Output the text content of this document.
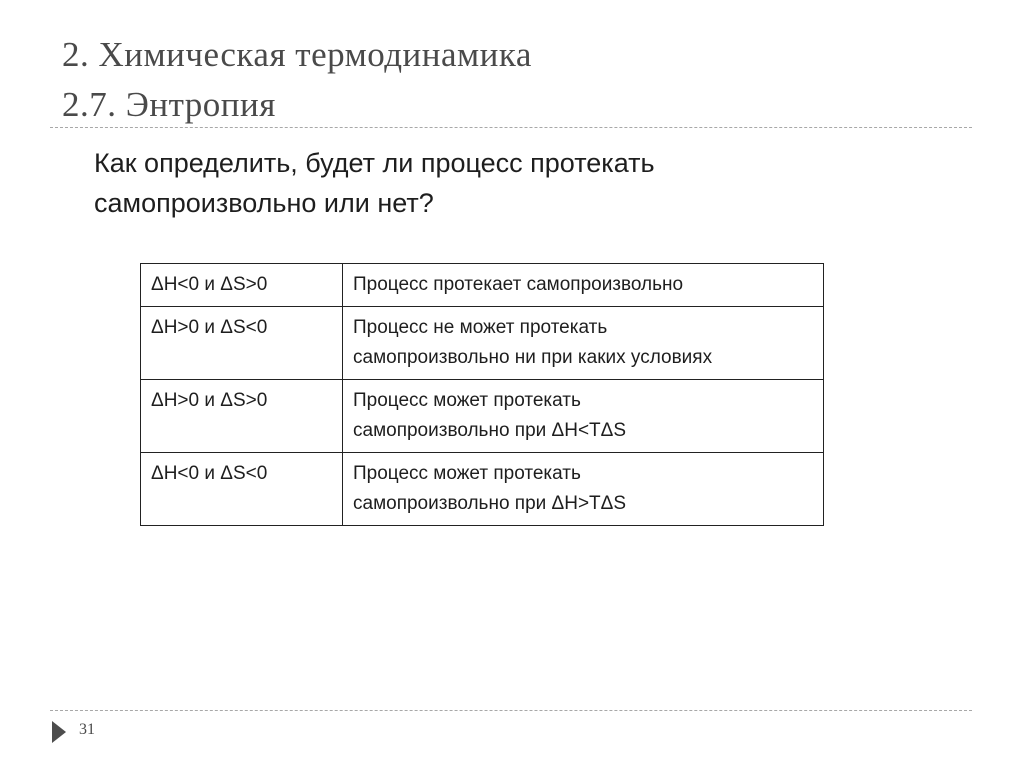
2. Химическая термодинамика
2.7. Энтропия
Как определить, будет ли процесс протекать
самопроизвольно или нет?
ΔH<0 и ΔS>0	Процесс протекает самопроизвольно
ΔH>0 и ΔS<0	Процесс не может протекать
самопроизвольно ни при каких условиях
ΔH>0 и ΔS>0	Процесс может протекать
самопроизвольно при ΔH<TΔS
ΔH<0 и ΔS<0	Процесс может протекать
самопроизвольно при ΔH>TΔS
31
